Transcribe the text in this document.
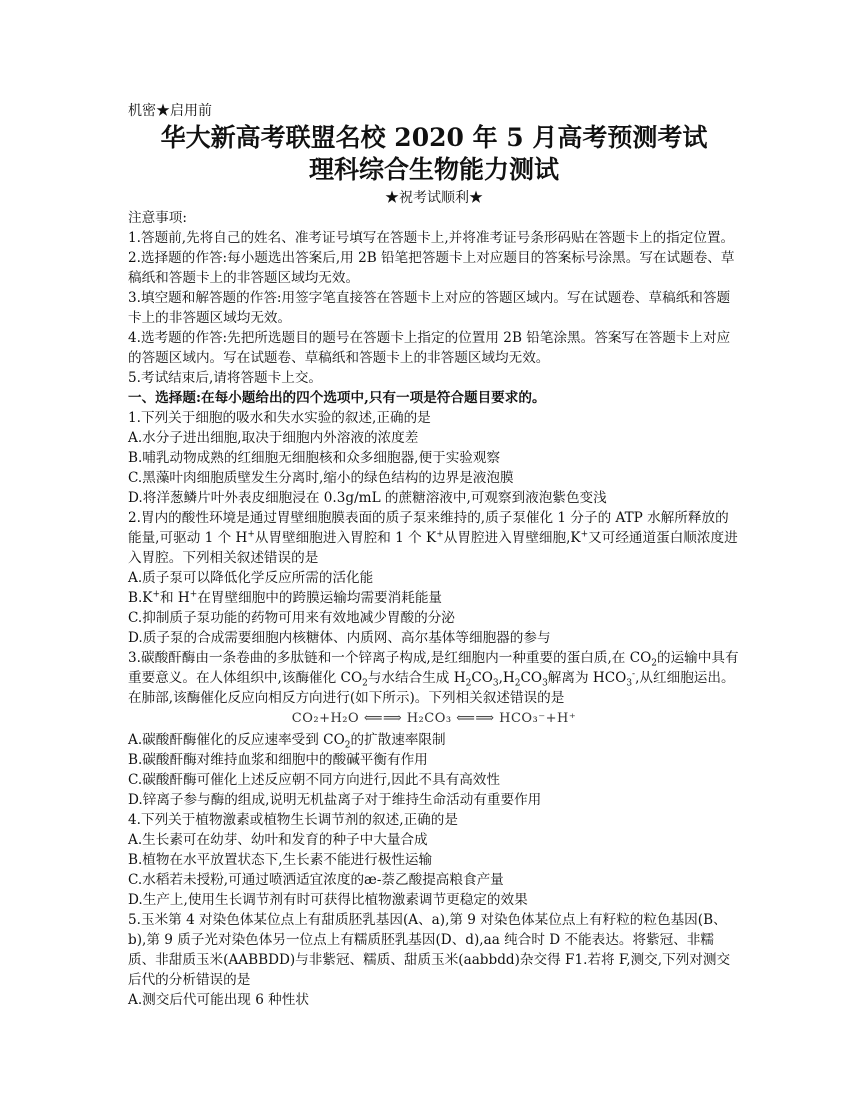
机密★启用前
华大新高考联盟名校 2020 年 5 月高考预测考试
理科综合生物能力测试
★祝考试顺利★

注意事项:

1.答题前,先将自己的姓名、准考证号填写在答题卡上,并将准考证号条形码贴在答题卡上的指定位置。

2.选择题的作答:每小题选出答案后,用 2B 铅笔把答题卡上对应题目的答案标号涂黑。写在试题卷、草稿纸和答题卡上的非答题区域均无效。

3.填空题和解答题的作答:用签字笔直接答在答题卡上对应的答题区域内。写在试题卷、草稿纸和答题卡上的非答题区域均无效。

4.选考题的作答:先把所选题目的题号在答题卡上指定的位置用 2B 铅笔涂黑。答案写在答题卡上对应的答题区域内。写在试题卷、草稿纸和答题卡上的非答题区域均无效。

5.考试结束后,请将答题卡上交。

一、选择题:在每小题给出的四个选项中,只有一项是符合题目要求的。

1.下列关于细胞的吸水和失水实验的叙述,正确的是

A.水分子进出细胞,取决于细胞内外溶液的浓度差

B.哺乳动物成熟的红细胞无细胞核和众多细胞器,便于实验观察

C.黑藻叶肉细胞质壁发生分离时,缩小的绿色结构的边界是液泡膜

D.将洋葱鳞片叶外表皮细胞浸在 0.3g/mL 的蔗糖溶液中,可观察到液泡紫色变浅

2.胃内的酸性环境是通过胃壁细胞膜表面的质子泵来维持的,质子泵催化 1 分子的 ATP 水解所释放的能量,可驱动 1 个 H+从胃壁细胞进入胃腔和 1 个 K+从胃腔进入胃壁细胞,K+又可经通道蛋白顺浓度进入胃腔。下列相关叙述错误的是

A.质子泵可以降低化学反应所需的活化能

B.K+和 H+在胃壁细胞中的跨膜运输均需要消耗能量

C.抑制质子泵功能的药物可用来有效地减少胃酸的分泌

D.质子泵的合成需要细胞内核糖体、内质网、高尔基体等细胞器的参与

3.碳酸酐酶由一条卷曲的多肽链和一个锌离子构成,是红细胞内一种重要的蛋白质,在 $CO_2$的运输中具有重要意义。在人体组织中,该酶催化 $CO_2$与水结合生成 $H_2CO_3,H_2CO_3$解离为 $HCO_3^-$,从红细胞运出。在肺部,该酶催化反应向相反方向进行(如下所示)。下列相关叙述错误的是

CO₂+H₂O ⟸⟹ H₂CO₃ ⟸⟹ HCO₃⁻+H⁺

A.碳酸酐酶催化的反应速率受到 $CO_2$的扩散速率限制

B.碳酸酐酶对维持血浆和细胞中的酸碱平衡有作用

C.碳酸酐酶可催化上述反应朝不同方向进行,因此不具有高效性

D.锌离子参与酶的组成,说明无机盐离子对于维持生命活动有重要作用

4.下列关于植物激素或植物生长调节剂的叙述,正确的是

A.生长素可在幼芽、幼叶和发育的种子中大量合成

B.植物在水平放置状态下,生长素不能进行极性运输

C.水稻若未授粉,可通过喷洒适宜浓度的æ-萘乙酸提高粮食产量

D.生产上,使用生长调节剂有时可获得比植物激素调节更稳定的效果

5.玉米第 4 对染色体某位点上有甜质胚乳基因(A、a),第 9 对染色体某位点上有籽粒的粒色基因(B、b),第 9 质子光对染色体另一位点上有糯质胚乳基因(D、d),aa 纯合时 D 不能表达。将紫冠、非糯质、非甜质玉米(AABBDD)与非紫冠、糯质、甜质玉米(aabbdd)杂交得 F1.若将 F,测交,下列对测交后代的分析错误的是

A.测交后代可能出现 6 种性状
